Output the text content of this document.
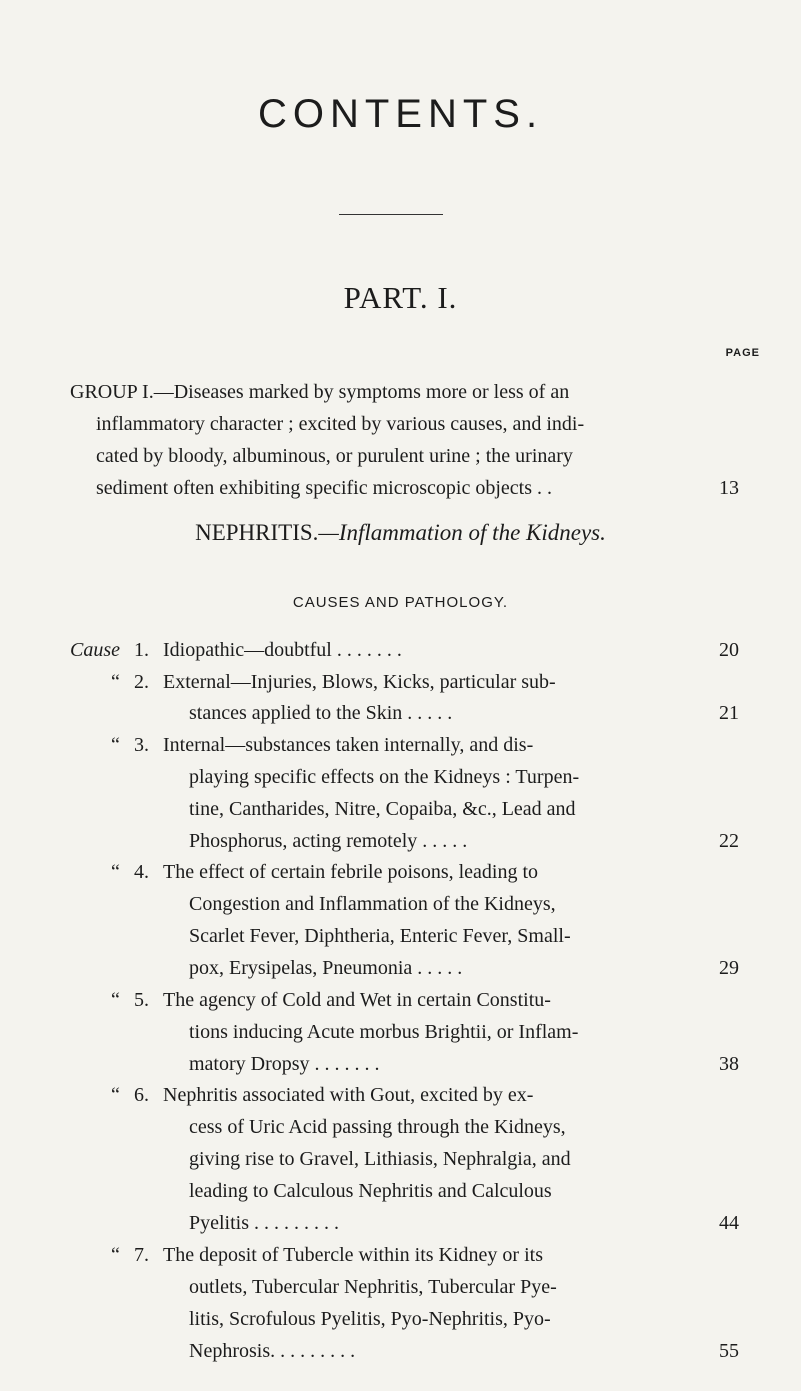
CONTENTS.
PART. I.
PAGE
GROUP I.—Diseases marked by symptoms more or less of an
inflammatory character ; excited by various causes, and indi-
cated by bloody, albuminous, or purulent urine ; the urinary
sediment often exhibiting specific microscopic objects . .	13
NEPHRITIS.—Inflammation of the Kidneys.
CAUSES AND PATHOLOGY.
Cause 1. Idiopathic—doubtful . . . . . . .	20
“ 2. External—Injuries, Blows, Kicks, particular sub-
stances applied to the Skin . . . . .	21
“ 3. Internal—substances taken internally, and dis-
playing specific effects on the Kidneys : Turpen-
tine, Cantharides, Nitre, Copaiba, &c., Lead and
Phosphorus, acting remotely . . . . .	22
“ 4. The effect of certain febrile poisons, leading to
Congestion and Inflammation of the Kidneys,
Scarlet Fever, Diphtheria, Enteric Fever, Small-
pox, Erysipelas, Pneumonia . . . . .	29
“ 5. The agency of Cold and Wet in certain Constitu-
tions inducing Acute morbus Brightii, or Inflam-
matory Dropsy . . . . . . .	38
“ 6. Nephritis associated with Gout, excited by ex-
cess of Uric Acid passing through the Kidneys,
giving rise to Gravel, Lithiasis, Nephralgia, and
leading to Calculous Nephritis and Calculous
Pyelitis . . . . . . . . .	44
“ 7. The deposit of Tubercle within its Kidney or its
outlets, Tubercular Nephritis, Tubercular Pye-
litis, Scrofulous Pyelitis, Pyo-Nephritis, Pyo-
Nephrosis. . . . . . . . .	55
